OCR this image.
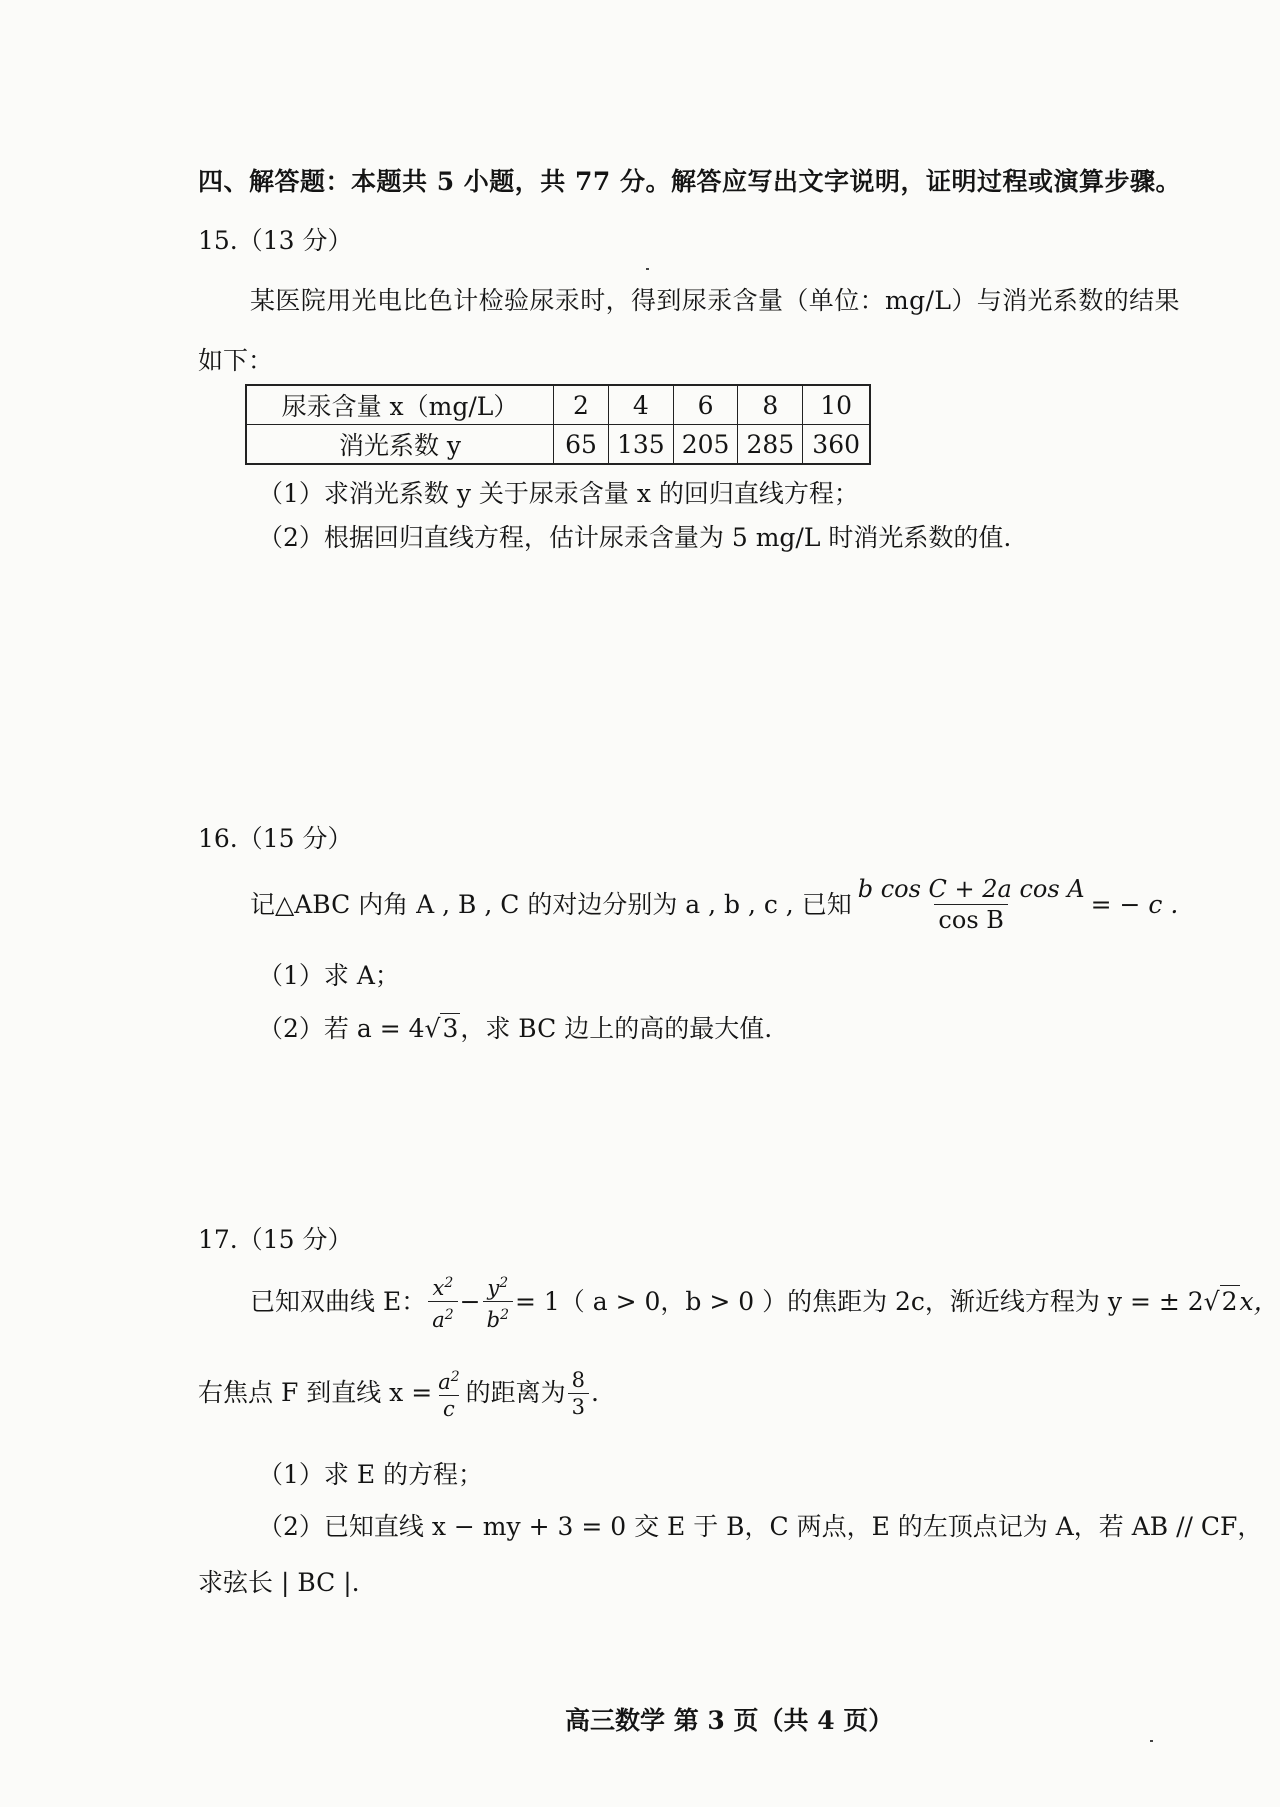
四、解答题：本题共 5 小题，共 77 分。解答应写出文字说明，证明过程或演算步骤。
15.（13 分）
某医院用光电比色计检验尿汞时，得到尿汞含量（单位：mg/L）与消光系数的结果
如下：
尿汞含量 x（mg/L）	2	4	6	8	10
消光系数 y	65	135	205	285	360
（1）求消光系数 y 关于尿汞含量 x 的回归直线方程；
（2）根据回归直线方程，估计尿汞含量为 5 mg/L 时消光系数的值.
16.（15 分）
记△ABC 内角 A , B , C 的对边分别为 a , b , c , 已知 $\frac{\text{b cos C + 2a cos A}}{\text{cos B}}$ = − c .
（1）求 A；
（2）若 a = 4√3，求 BC 边上的高的最大值.
17.（15 分）
已知双曲线 E： $\frac{x^2}{a^2} - \frac{y^2}{b^2} = 1$（ a > 0，b > 0 ）的焦距为 2c，渐近线方程为 y = ± 2 √ 2 x，
右焦点 F 到直线 $x = \frac{a^2}{c}$ 的距离为 $\frac{8}{3}$ .
（1）求 E 的方程；
（2）已知直线 x − my + 3 = 0 交 E 于 B，C 两点，E 的左顶点记为 A，若 AB // CF，
求弦长 | BC |.
高三数学 第 3 页（共 4 页）
